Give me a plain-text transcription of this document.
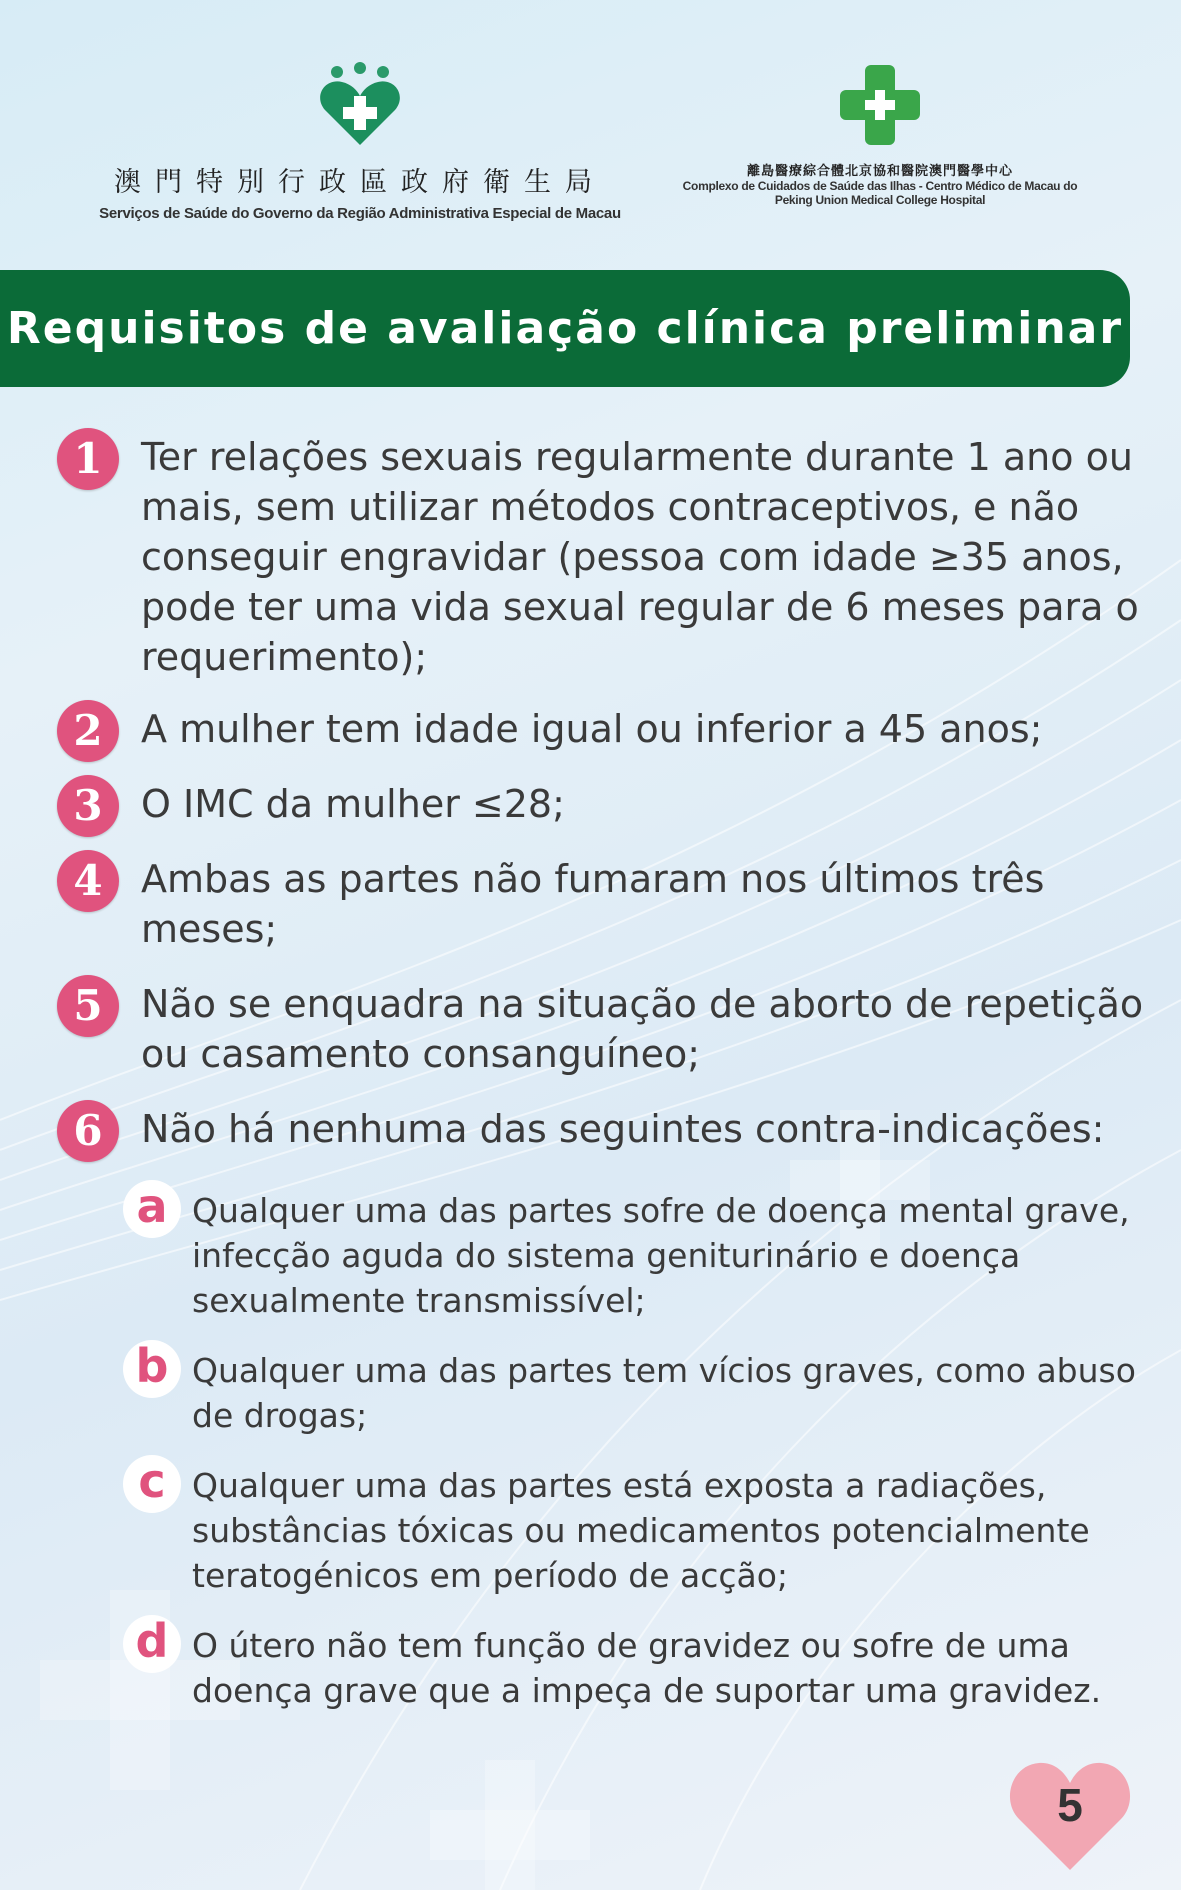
澳門特別行政區政府衛生局
Serviços de Saúde do Governo da Região Administrativa Especial de Macau
離島醫療綜合體北京協和醫院澳門醫學中心
Complexo de Cuidados de Saúde das Ilhas - Centro Médico de Macau do
Peking Union Medical College Hospital
Requisitos de avaliação clínica preliminar
1	Ter relações sexuais regularmente durante 1 ano ou mais, sem utilizar métodos contraceptivos, e não conseguir engravidar (pessoa com idade ≥35 anos, pode ter uma vida sexual regular de 6 meses para o requerimento);
2	A mulher tem idade igual ou inferior a 45 anos;
3	O IMC da mulher ≤28;
4	Ambas as partes não fumaram nos últimos três meses;
5	Não se enquadra na situação de aborto de repetição ou casamento consanguíneo;
6	Não há nenhuma das seguintes contra-indicações:
a Qualquer uma das partes sofre de doença mental grave, infecção aguda do sistema geniturinário e doença sexualmente transmissível;
b Qualquer uma das partes tem vícios graves, como abuso de drogas;
c Qualquer uma das partes está exposta a radiações, substâncias tóxicas ou medicamentos potencialmente teratogénicos em período de acção;
d O útero não tem função de gravidez ou sofre de uma doença grave que a impeça de suportar uma gravidez.
5
